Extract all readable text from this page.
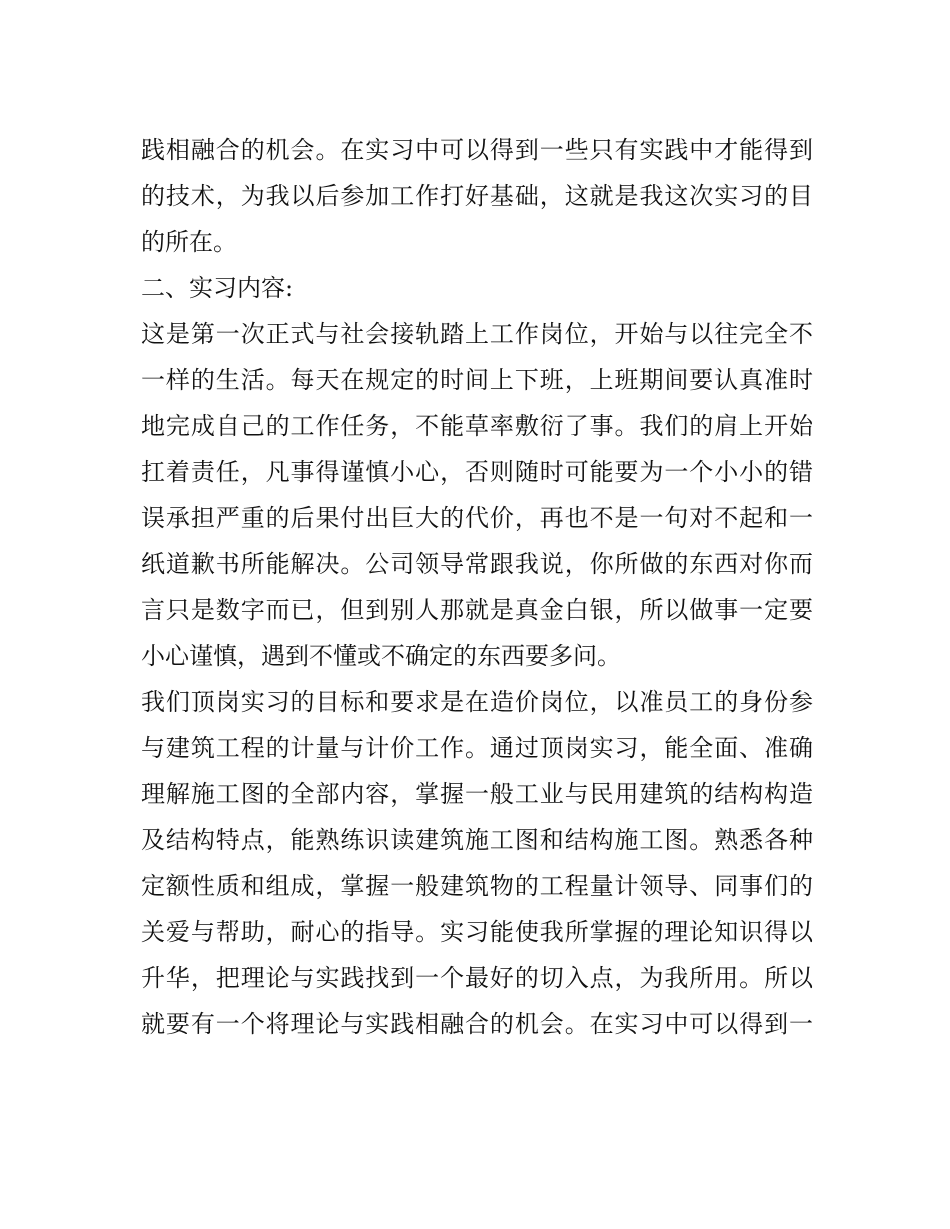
践相融合的机会。在实习中可以得到一些只有实践中才能得到
的技术，为我以后参加工作打好基础，这就是我这次实习的目
的所在。
二、实习内容:
这是第一次正式与社会接轨踏上工作岗位，开始与以往完全不
一样的生活。每天在规定的时间上下班，上班期间要认真准时
地完成自己的工作任务，不能草率敷衍了事。我们的肩上开始
扛着责任，凡事得谨慎小心，否则随时可能要为一个小小的错
误承担严重的后果付出巨大的代价，再也不是一句对不起和一
纸道歉书所能解决。公司领导常跟我说，你所做的东西对你而
言只是数字而已，但到别人那就是真金白银，所以做事一定要
小心谨慎，遇到不懂或不确定的东西要多问。
我们顶岗实习的目标和要求是在造价岗位，以准员工的身份参
与建筑工程的计量与计价工作。通过顶岗实习，能全面、准确
理解施工图的全部内容，掌握一般工业与民用建筑的结构构造
及结构特点，能熟练识读建筑施工图和结构施工图。熟悉各种
定额性质和组成，掌握一般建筑物的工程量计领导、同事们的
关爱与帮助，耐心的指导。实习能使我所掌握的理论知识得以
升华，把理论与实践找到一个最好的切入点，为我所用。所以
就要有一个将理论与实践相融合的机会。在实习中可以得到一
